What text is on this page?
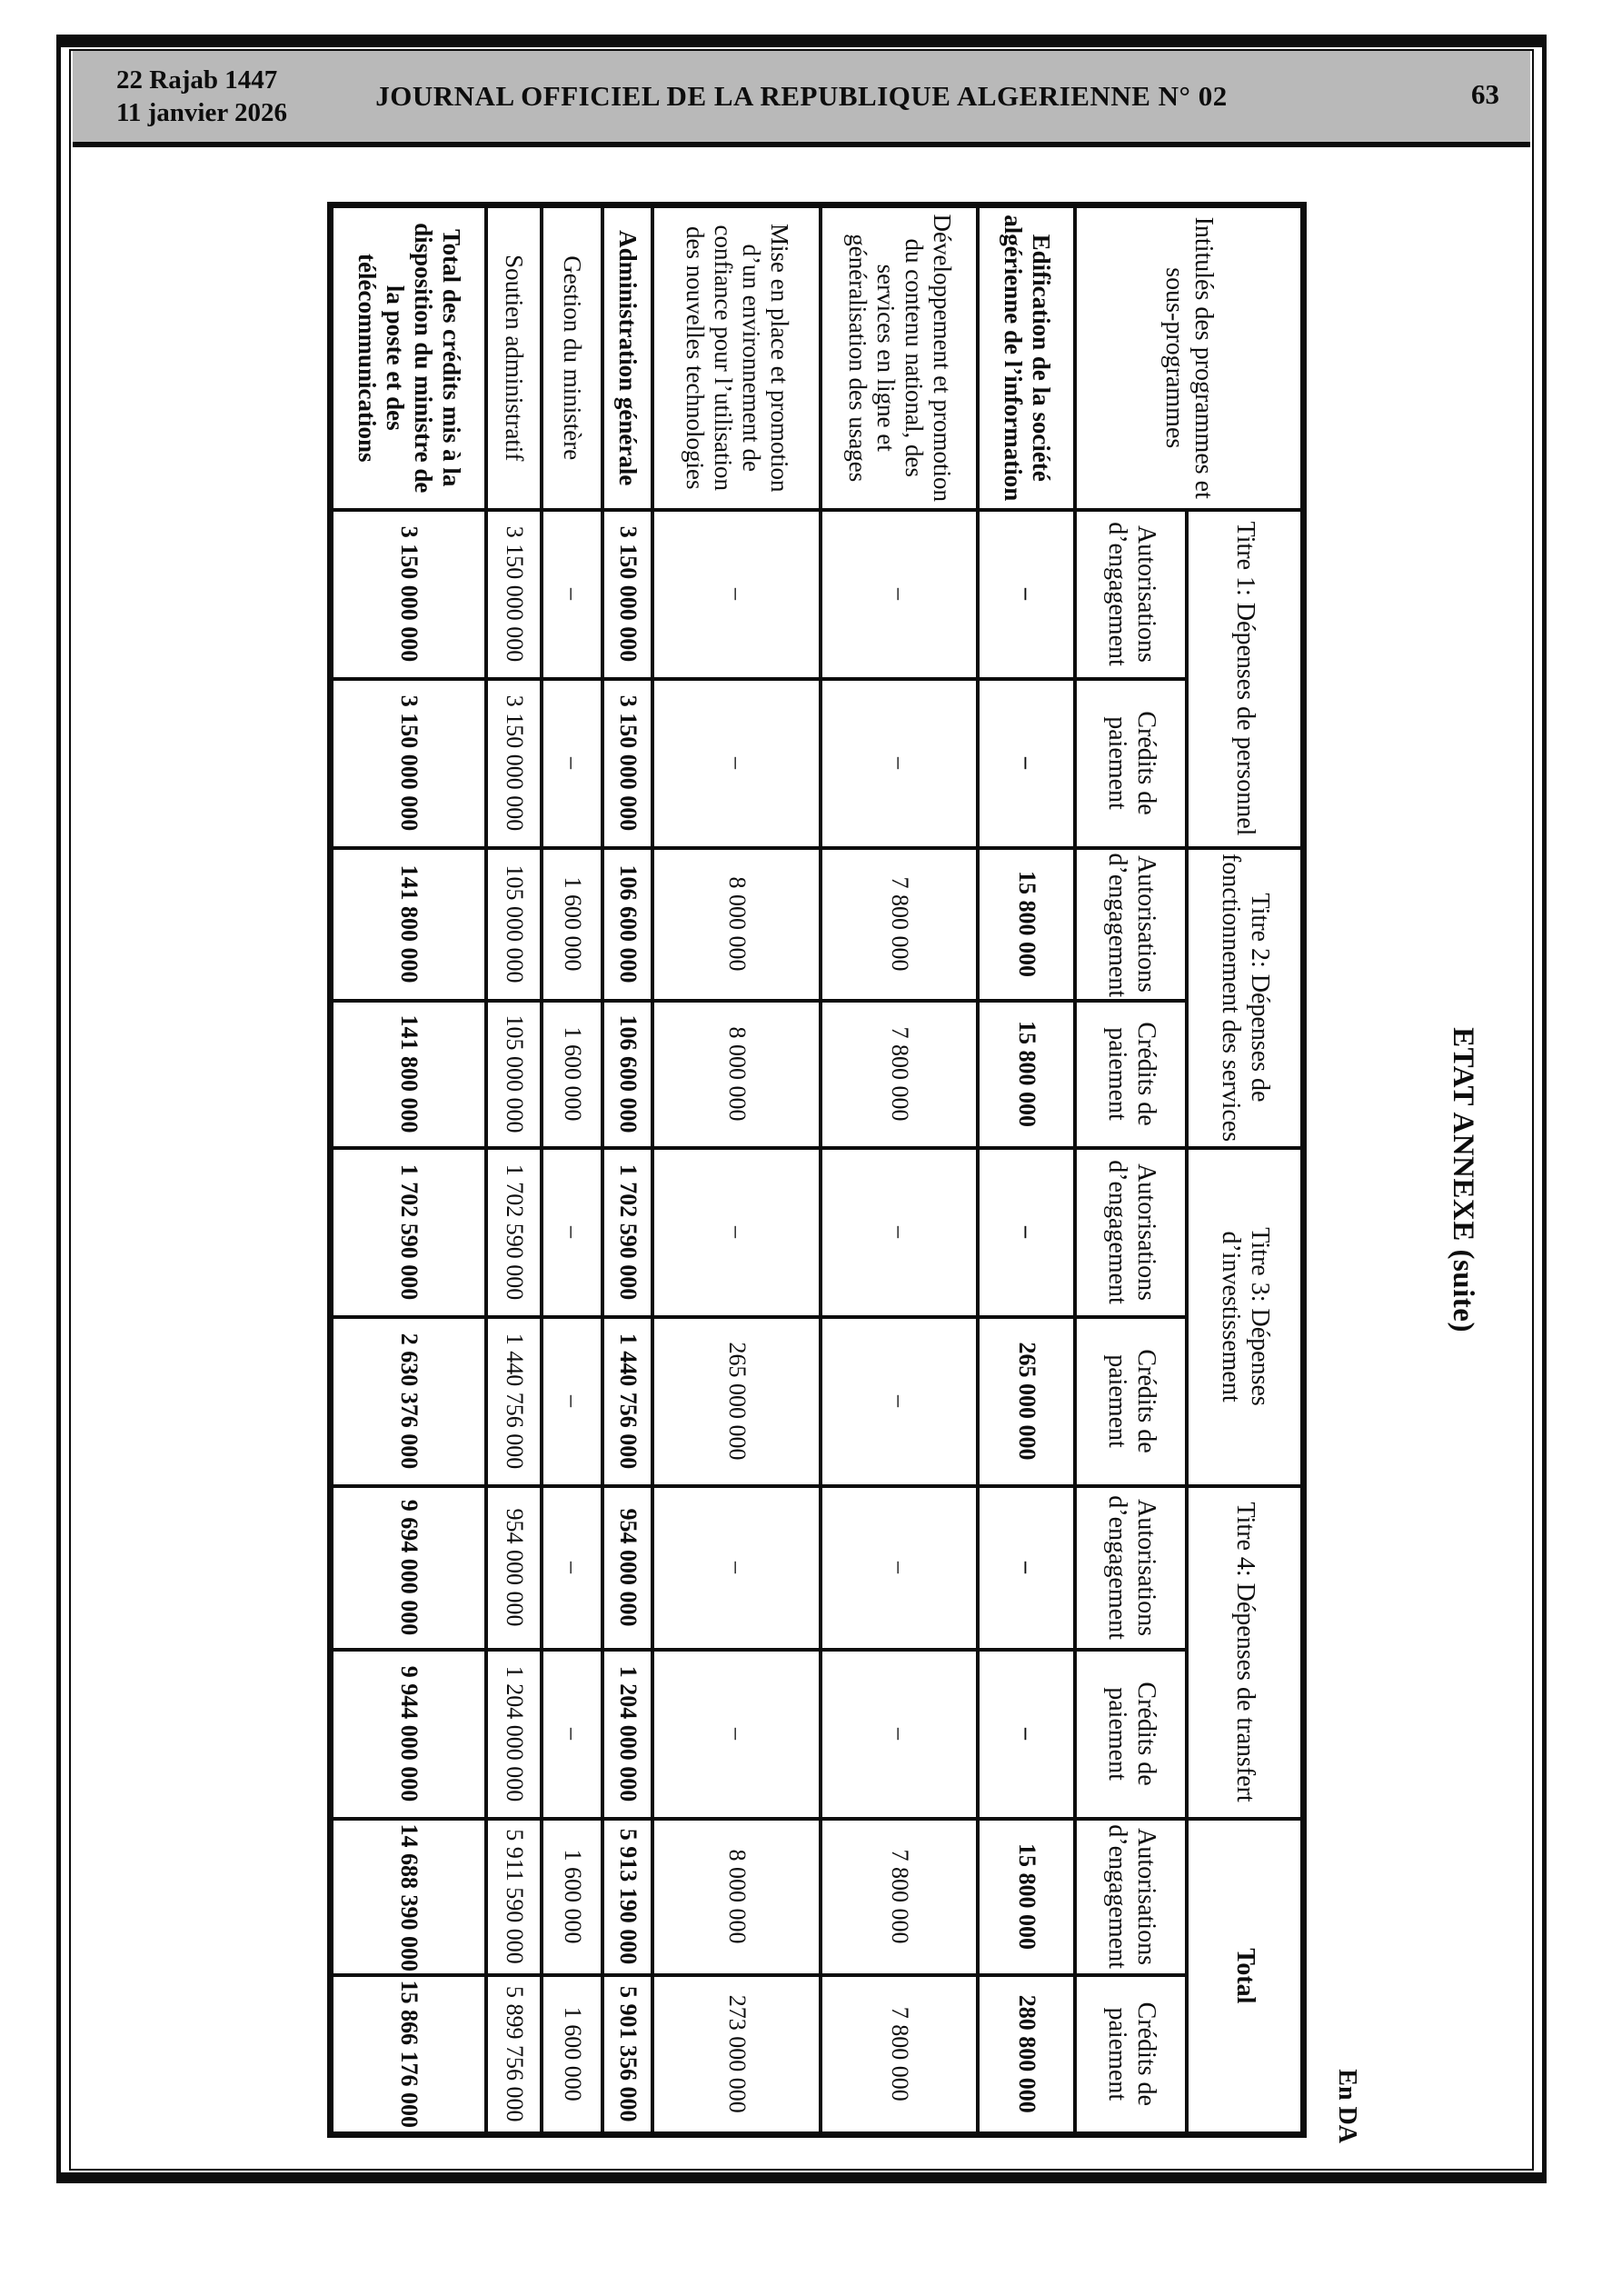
JOURNAL OFFICIEL DE LA REPUBLIQUE ALGERIENNE N° 02
22 Rajab 1447
11 janvier 2026
63
ETAT ANNEXE (suite)
En DA
Intitulés des programmes et sous-programmes	Titre 1: Dépenses de personnel		Titre 2: Dépenses de fonctionnement des services		Titre 3: Dépenses d’investissement		Titre 4: Dépenses de transfert		Total	
	Autorisations d’engagement	Crédits de paiement	Autorisations d’engagement	Crédits de paiement	Autorisations d’engagement	Crédits de paiement	Autorisations d’engagement	Crédits de paiement	Autorisations d’engagement	Crédits de paiement
Edification de la société algérienne de l’information	–	–	15 800 000	15 800 000	–	265 000 000	–	–	15 800 000	280 800 000
Développement et promotion du contenu national, des services en ligne et généralisation des usages	–	–	7 800 000	7 800 000	–	–	–	–	7 800 000	7 800 000
Mise en place et promotion d’un environnement de confiance pour l’utilisation des nouvelles technologies	–	–	8 000 000	8 000 000	–	265 000 000	–	–	8 000 000	273 000 000
Administration générale	3 150 000 000	3 150 000 000	106 600 000	106 600 000	1 702 590 000	1 440 756 000	954 000 000	1 204 000 000	5 913 190 000	5 901 356 000
Gestion du ministère	–	–	1 600 000	1 600 000	–	–	–	–	1 600 000	1 600 000
Soutien administratif	3 150 000 000	3 150 000 000	105 000 000	105 000 000	1 702 590 000	1 440 756 000	954 000 000	1 204 000 000	5 911 590 000	5 899 756 000
Total des crédits mis à la disposition du ministre de la poste et des télécommunications	3 150 000 000	3 150 000 000	141 800 000	141 800 000	1 702 590 000	2 630 376 000	9 694 000 000	9 944 000 000	14 688 390 000	15 866 176 000
